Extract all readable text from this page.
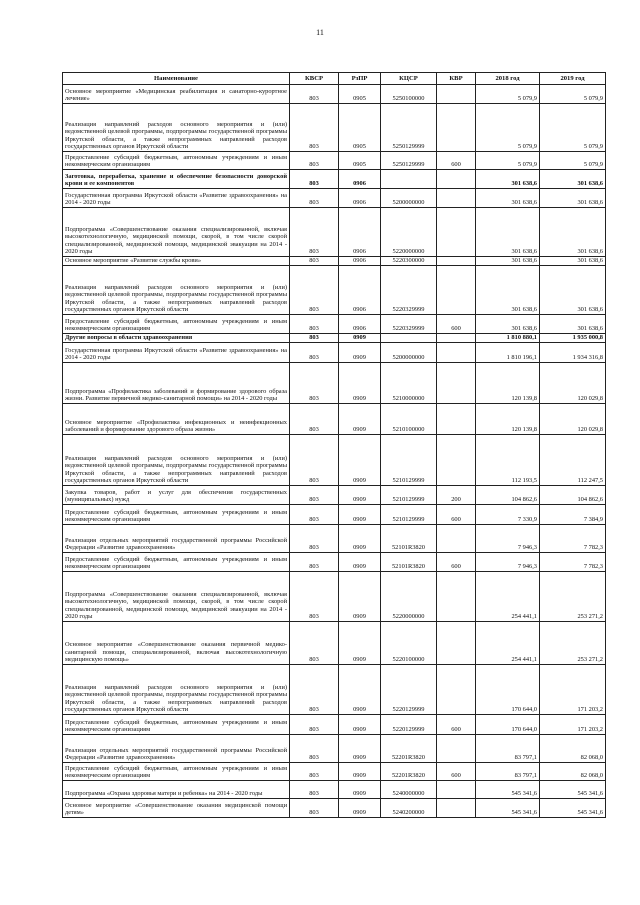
11
Наименование	КВСР	РзПР	КЦСР	КВР	2018 год	2019 год
Основное мероприятие «Медицинская реабилитация и санаторно-курортное лечение»	803	0905	5250100000		5 079,9	5 079,9
Реализация направлений расходов основного мероприятия и (или) ведомственной целевой программы, подпрограммы государственной программы Иркутской области, а также непрограммных направлений расходов государственных органов Иркутской области	803	0905	5250129999		5 079,9	5 079,9
Предоставление субсидий бюджетным, автономным учреждениям и иным некоммерческим организациям	803	0905	5250129999	600	5 079,9	5 079,9
Заготовка, переработка, хранение и обеспечение безопасности донорской крови и ее компонентов	803	0906			301 638,6	301 638,6
Государственная программа Иркутской области «Развитие здравоохранения» на 2014 - 2020 годы	803	0906	5200000000		301 638,6	301 638,6
Подпрограмма «Совершенствование оказания специализированной, включая высокотехнологичную, медицинской помощи, скорой, в том числе скорой специализированной, медицинской помощи, медицинской эвакуации на 2014 - 2020 годы	803	0906	5220000000		301 638,6	301 638,6
Основное мероприятие «Развитие службы крови»	803	0906	5220300000		301 638,6	301 638,6
Реализация направлений расходов основного мероприятия и (или) ведомственной целевой программы, подпрограммы государственной программы Иркутской области, а также непрограммных направлений расходов государственных органов Иркутской области	803	0906	5220329999		301 638,6	301 638,6
Предоставление субсидий бюджетным, автономным учреждениям и иным некоммерческим организациям	803	0906	5220329999	600	301 638,6	301 638,6
Другие вопросы в области здравоохранения	803	0909			1 810 880,1	1 935 000,8
Государственная программа Иркутской области «Развитие здравоохранения» на 2014 - 2020 годы	803	0909	5200000000		1 810 196,1	1 934 316,8
Подпрограмма «Профилактика заболеваний и формирование здорового образа жизни. Развитие первичной медико-санитарной помощи» на 2014 - 2020 годы	803	0909	5210000000		120 139,8	120 029,8
Основное мероприятие «Профилактика инфекционных и неинфекционных заболеваний и формирование здорового образа жизни»	803	0909	5210100000		120 139,8	120 029,8
Реализация направлений расходов основного мероприятия и (или) ведомственной целевой программы, подпрограммы государственной программы Иркутской области, а также непрограммных направлений расходов государственных органов Иркутской области	803	0909	5210129999		112 193,5	112 247,5
Закупка товаров, работ и услуг для обеспечения государственных (муниципальных) нужд	803	0909	5210129999	200	104 862,6	104 862,6
Предоставление субсидий бюджетным, автономным учреждениям и иным некоммерческим организациям	803	0909	5210129999	600	7 330,9	7 384,9
Реализация отдельных мероприятий государственной программы Российской Федерации «Развитие здравоохранения»	803	0909	52101R3820		7 946,3	7 782,3
Предоставление субсидий бюджетным, автономным учреждениям и иным некоммерческим организациям	803	0909	52101R3820	600	7 946,3	7 782,3
Подпрограмма «Совершенствование оказания специализированной, включая высокотехнологичную, медицинской помощи, скорой, в том числе скорой специализированной, медицинской помощи, медицинской эвакуации на 2014 - 2020 годы	803	0909	5220000000		254 441,1	253 271,2
Основное мероприятие «Совершенствование оказания первичной медико-санитарной помощи, специализированной, включая высокотехнологичную медицинскую помощь»	803	0909	5220100000		254 441,1	253 271,2
Реализация направлений расходов основного мероприятия и (или) ведомственной целевой программы, подпрограммы государственной программы Иркутской области, а также непрограммных направлений расходов государственных органов Иркутской области	803	0909	5220129999		170 644,0	171 203,2
Предоставление субсидий бюджетным, автономным учреждениям и иным некоммерческим организациям	803	0909	5220129999	600	170 644,0	171 203,2
Реализация отдельных мероприятий государственной программы Российской Федерации «Развитие здравоохранения»	803	0909	52201R3820		83 797,1	82 068,0
Предоставление субсидий бюджетным, автономным учреждениям и иным некоммерческим организациям	803	0909	52201R3820	600	83 797,1	82 068,0
Подпрограмма «Охрана здоровья матери и ребенка» на 2014 - 2020 годы	803	0909	5240000000		545 341,6	545 341,6
Основное мероприятие «Совершенствование оказания медицинской помощи детям»	803	0909	5240200000		545 341,6	545 341,6
